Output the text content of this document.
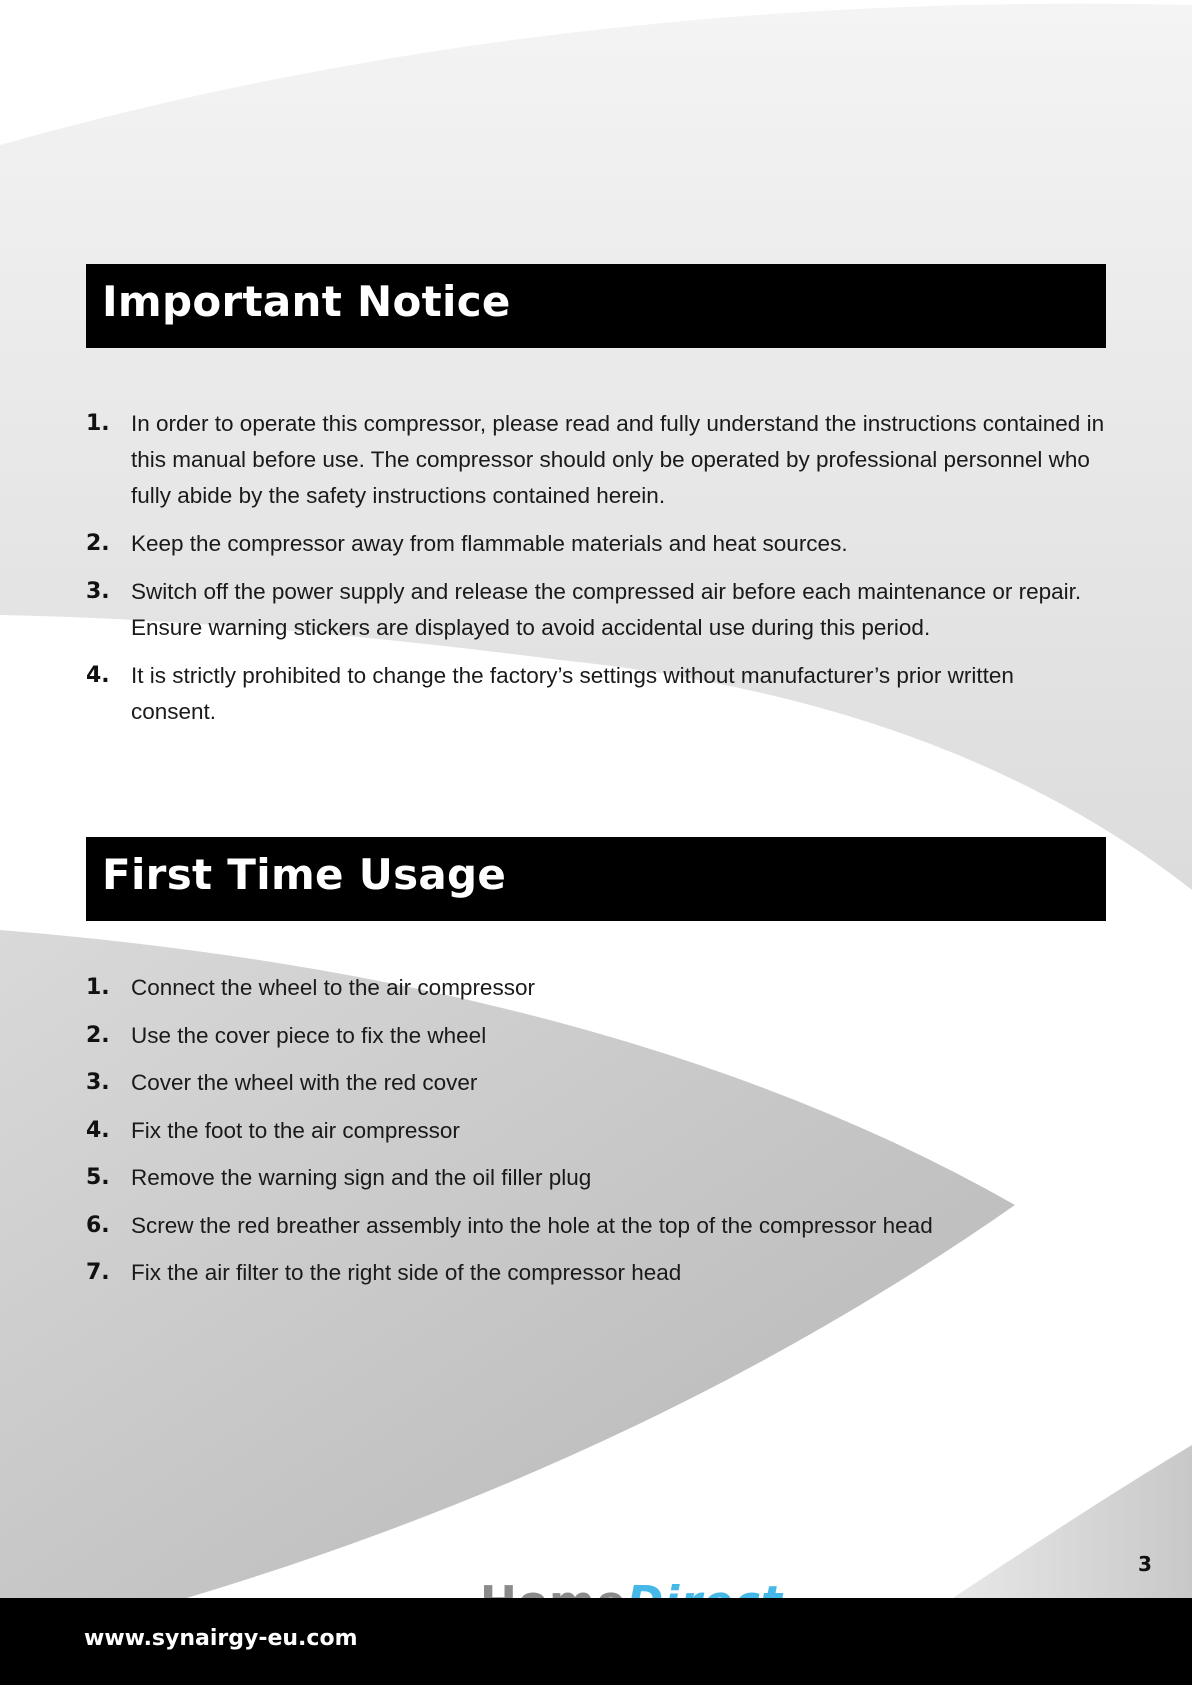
Important Notice
1. In order to operate this compressor, please read and fully understand the instructions contained in this manual before use. The compressor should only be operated by professional personnel who fully abide by the safety instructions contained herein.
2. Keep the compressor away from flammable materials and heat sources.
3. Switch off the power supply and release the compressed air before each maintenance or repair. Ensure warning stickers are displayed to avoid accidental use during this period.
4. It is strictly prohibited to change the factory’s settings without manufacturer’s prior written consent.
First Time Usage
1. Connect the wheel to the air compressor
2. Use the cover piece to fix the wheel
3. Cover the wheel with the red cover
4. Fix the foot to the air compressor
5. Remove the warning sign and the oil filler plug
6. Screw the red breather assembly into the hole at the top of the compressor head
7. Fix the air filter to the right side of the compressor head
3
www.synairgy-eu.com
